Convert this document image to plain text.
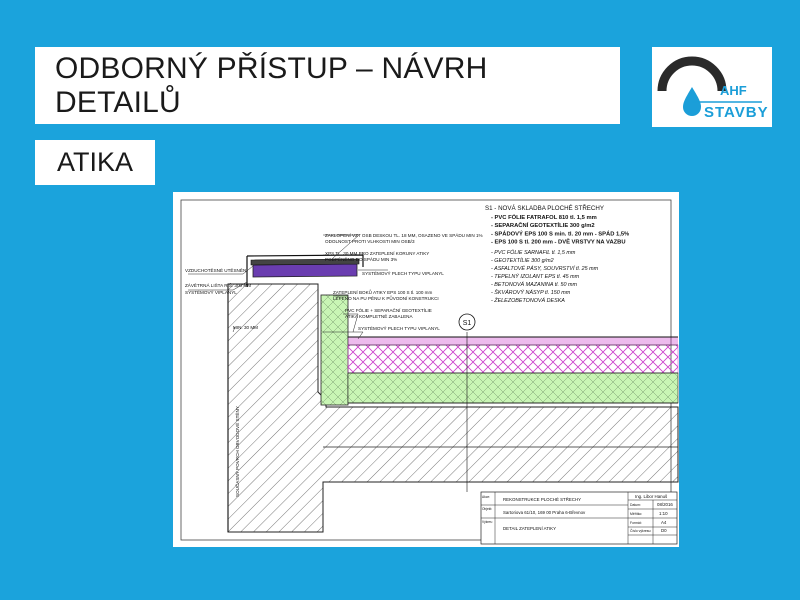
ODBORNÝ PŘÍSTUP – NÁVRH DETAILŮ
ATIKA
AHF
STAVBY
S1
ZAKLOPENÍ VZT OSB DESKOU TL. 18 MM, OSAZENO VE SPÁDU MIN 1%
ODOLNOST PROTI VLHKOSTI MIN OSB/3
XPS TL. 30 MM PRO ZATEPLENÍ KORUNY ATIKY
PODPĚNĚNO DO SPÁDU MIN 3%
SYSTÉMOVÝ PLECH TYPU VIPLANYL
VZDUCHOTĚSNÉ UTĚSNĚNÍ
ZÁVĚTRNÁ LIŠTA R.Š. 300 MM
SYSTÉMOVÝ VIPLANYL	ZATEPLENÍ BOKŮ ATIKY EPS 100 S tl. 100 mm
LEPENO NA PU PĚNU K PŮVODNÍ KONSTRUKCI
PVC FÓLIE + SEPARAČNÍ GEOTEXTÍLIE
ATIKA KOMPLETNĚ ZABALENA
SYSTÉMOVÝ PLECH TYPU VIPLANYL
MIN. 30 MM
SOUČASNÝ POVRCH OBVODOVÉ STĚNY
S1 - NOVÁ SKLADBA PLOCHÉ STŘECHY
- PVC FÓLIE FATRAFOL 810 tl. 1,5 mm
- SEPARAČNÍ GEOTEXTÍLIE 300 g/m2
- SPÁDOVÝ EPS 100 S min. tl. 20 mm - SPÁD 1,5%
- EPS 100 S tl. 200 mm - DVĚ VRSTVY NA VAZBU
- PVC FÓLIE SARNAFIL tl. 1,5 mm
- GEOTEXTÍLIE 300 g/m2
- ASFALTOVÉ PÁSY, SOUVRSTVÍ tl. 25 mm
- TEPELNÝ IZOLANT EPS tl. 45 mm
- BETONOVÁ MAZANINA tl. 50 mm
- ŠKVÁROVÝ NÁSYP tl. 150 mm
- ŽELEZOBETONOVÁ DESKA
Akce:	REKONSTRUKCE PLOCHÉ STŘECHY
Ing. Libor Hanuš
Objekt:
Sartoriova 61/10, 169 00 Praha 6-Břevnov
Výkres:
DETAIL ZATEPLENÍ ATIKY
Datum:	08/2016
Měřítko:	1:10
Formát:	A4
Číslo výkresu: D0
